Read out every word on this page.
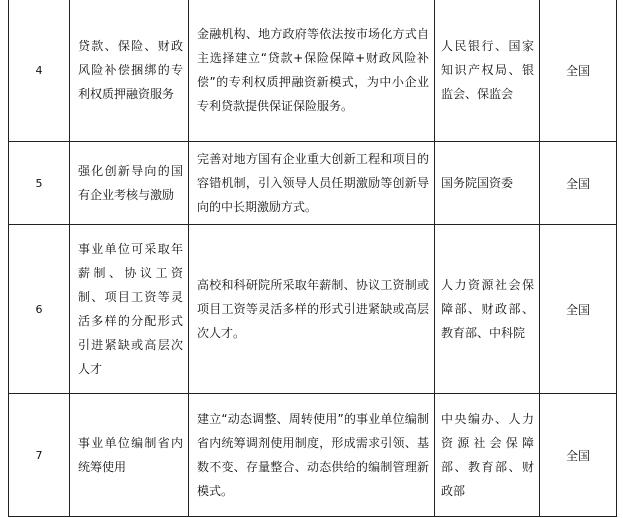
4	贷款、保险、财政风险补偿捆绑的专利权质押融资服务	金融机构、地方政府等依法按市场化方式自主选择建立“贷款+保险保障+财政风险补偿”的专利权质押融资新模式，为中小企业专利贷款提供保证保险服务。	人民银行、国家知识产权局、银监会、保监会	全国
5	强化创新导向的国有企业考核与激励	完善对地方国有企业重大创新工程和项目的容错机制，引入领导人员任期激励等创新导向的中长期激励方式。	国务院国资委	全国
6	事业单位可采取年薪制、协议工资制、项目工资等灵活多样的分配形式引进紧缺或高层次人才	高校和科研院所采取年薪制、协议工资制或项目工资等灵活多样的形式引进紧缺或高层次人才。	人力资源社会保障部、财政部、教育部、中科院	全国
7	事业单位编制省内统筹使用	建立“动态调整、周转使用”的事业单位编制省内统筹调剂使用制度，形成需求引领、基数不变、存量整合、动态供给的编制管理新模式。	中央编办、人力资源社会保障部、教育部、财政部	全国
